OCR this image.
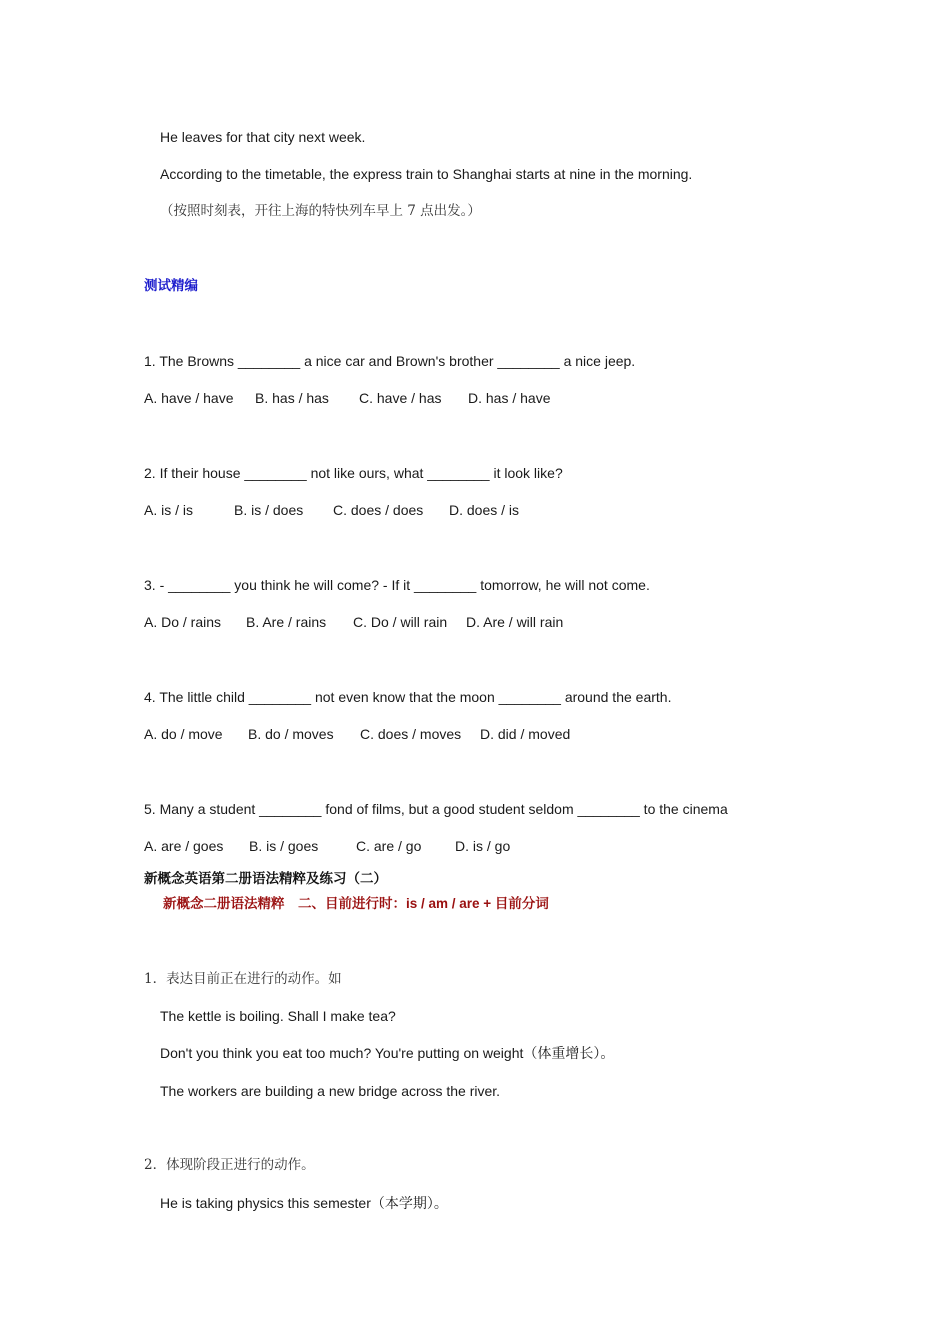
He leaves for that city next week.
According to the timetable, the express train to Shanghai starts at nine in the morning.
（按照时刻表，开往上海的特快列车早上 7 点出发。）
测试精编
1. The Browns ________ a nice car and Brown's brother ________ a nice jeep.
A. have / have B. has / has C. have / has D. has / have
2. If their house ________ not like ours, what ________ it look like?
A. is / is	B. is / does C. does / does D. does / is
3. - ________ you think he will come? - If it ________ tomorrow, he will not come.
A. Do / rains B. Are / rains C. Do / will rain D. Are / will rain
4. The little child ________ not even know that the moon ________ around the earth.
A. do / move B. do / moves C. does / moves D. did / moved
5. Many a student ________ fond of films, but a good student seldom ________ to the cinema
A. are / goes B. is / goes	C. are / go D. is / go
新概念英语第二册语法精粹及练习（二）
新概念二册语法精粹　二、目前进行时：is / am / are + 目前分词
1．表达目前正在进行的动作。如
The kettle is boiling. Shall I make tea?
Don't you think you eat too much? You're putting on weight（体重增长）。
The workers are building a new bridge across the river.
2．体现阶段正进行的动作。
He is taking physics this semester（本学期）。
